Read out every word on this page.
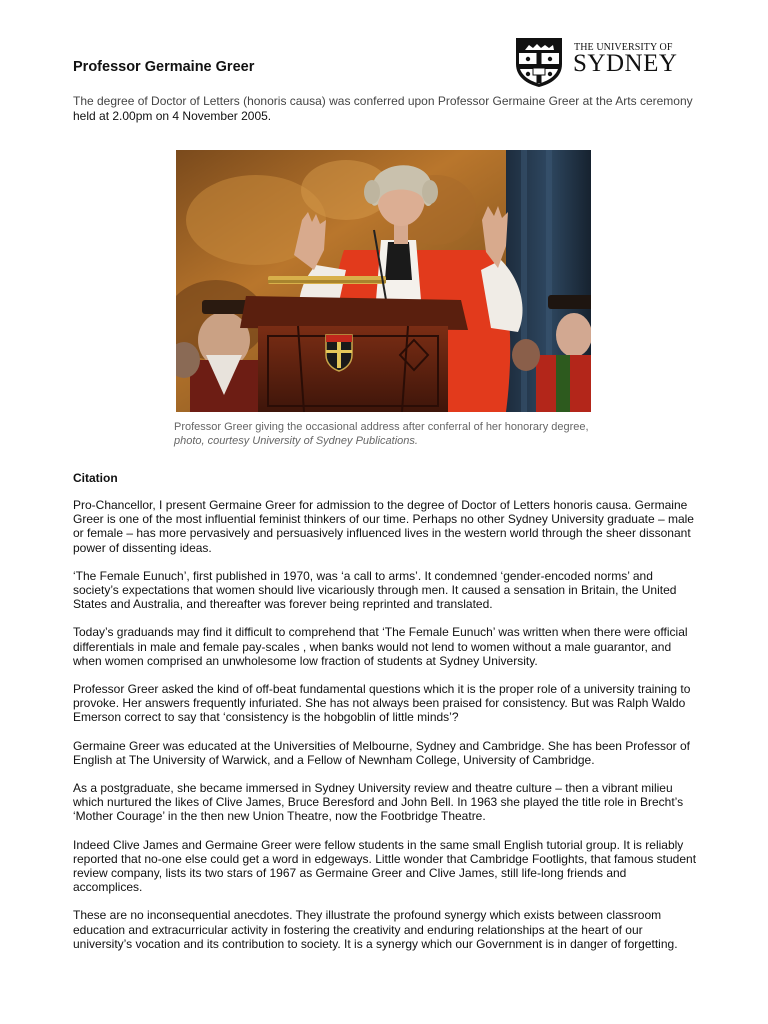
Professor Germaine Greer
THE UNIVERSITY OF
SYDNEY

The degree of Doctor of Letters (honoris causa) was conferred upon Professor Germaine Greer at the Arts ceremony held at 2.00pm on 4 November 2005.

Professor Greer giving the occasional address after conferral of her honorary degree, photo, courtesy University of Sydney Publications.

Citation

Pro-Chancellor, I present Germaine Greer for admission to the degree of Doctor of Letters honoris causa. Germaine Greer is one of the most influential feminist thinkers of our time. Perhaps no other Sydney University graduate – male or female – has more pervasively and persuasively influenced lives in the western world through the sheer dissonant power of dissenting ideas.

‘The Female Eunuch’, first published in 1970, was ‘a call to arms’. It condemned ‘gender-encoded norms’ and society’s expectations that women should live vicariously through men. It caused a sensation in Britain, the United States and Australia, and thereafter was forever being reprinted and translated.

Today’s graduands may find it difficult to comprehend that ‘The Female Eunuch’ was written when there were official differentials in male and female pay-scales , when banks would not lend to women without a male guarantor, and when women comprised an unwholesome low fraction of students at Sydney University.

Professor Greer asked the kind of off-beat fundamental questions which it is the proper role of a university training to provoke. Her answers frequently infuriated. She has not always been praised for consistency. But was Ralph Waldo Emerson correct to say that ‘consistency is the hobgoblin of little minds’?

Germaine Greer was educated at the Universities of Melbourne, Sydney and Cambridge. She has been Professor of English at The University of Warwick, and a Fellow of Newnham College, University of Cambridge.

As a postgraduate, she became immersed in Sydney University review and theatre culture – then a vibrant milieu which nurtured the likes of Clive James, Bruce Beresford and John Bell. In 1963 she played the title role in Brecht’s ‘Mother Courage’ in the then new Union Theatre, now the Footbridge Theatre.

Indeed Clive James and Germaine Greer were fellow students in the same small English tutorial group. It is reliably reported that no-one else could get a word in edgeways. Little wonder that Cambridge Footlights, that famous student review company, lists its two stars of 1967 as Germaine Greer and Clive James, still life-long friends and accomplices.

These are no inconsequential anecdotes. They illustrate the profound synergy which exists between classroom education and extracurricular activity in fostering the creativity and enduring relationships at the heart of our university’s vocation and its contribution to society. It is a synergy which our Government is in danger of forgetting.
